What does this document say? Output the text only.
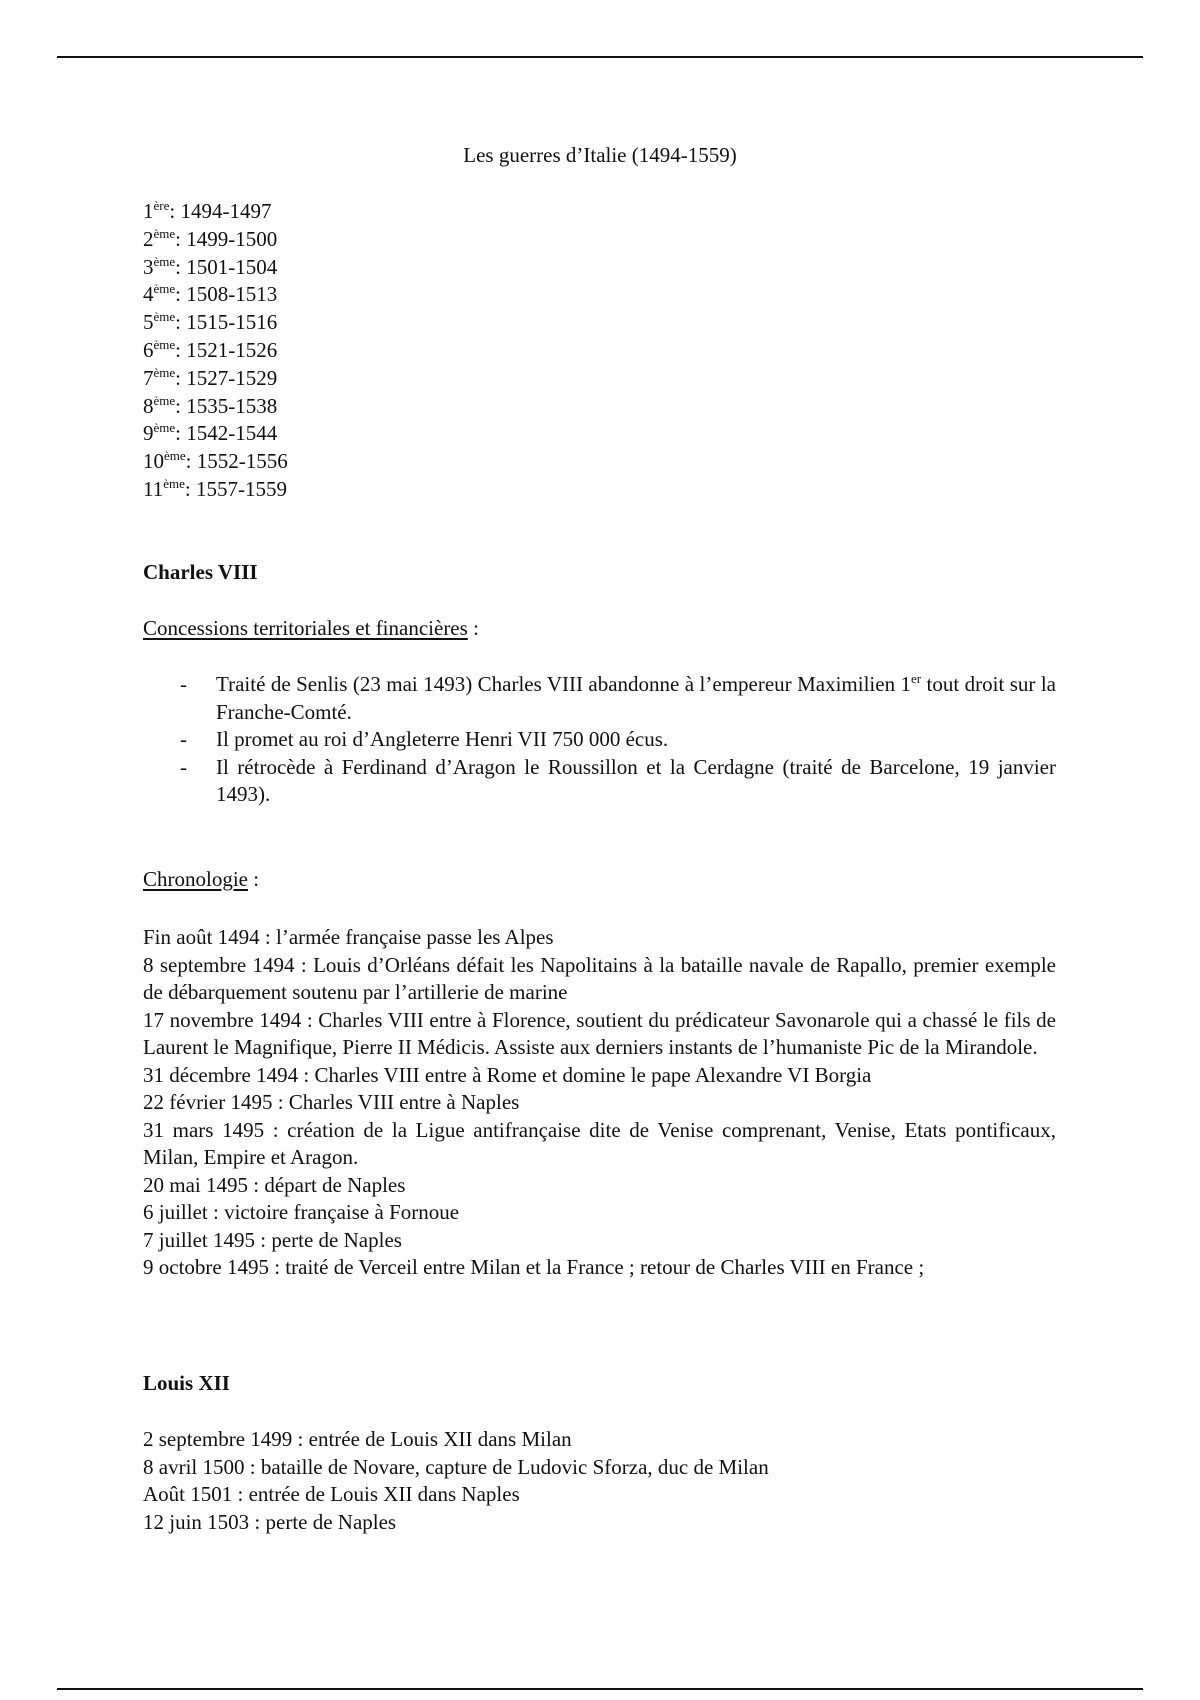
Les guerres d’Italie (1494-1559)
1ère: 1494-1497
2ème: 1499-1500
3ème: 1501-1504
4ème: 1508-1513
5ème: 1515-1516
6ème: 1521-1526
7ème: 1527-1529
8ème: 1535-1538
9ème: 1542-1544
10ème: 1552-1556
11ème: 1557-1559
Charles VIII
Concessions territoriales et financières :
- Traité de Senlis (23 mai 1493) Charles VIII abandonne à l’empereur Maximilien 1er tout droit sur la Franche-Comté.
- Il promet au roi d’Angleterre Henri VII 750 000 écus.
- Il rétrocède à Ferdinand d’Aragon le Roussillon et la Cerdagne (traité de Barcelone, 19 janvier 1493).
Chronologie :

Fin août 1494 : l’armée française passe les Alpes

8 septembre 1494 : Louis d’Orléans défait les Napolitains à la bataille navale de Rapallo, premier exemple de débarquement soutenu par l’artillerie de marine

17 novembre 1494 : Charles VIII entre à Florence, soutient du prédicateur Savonarole qui a chassé le fils de Laurent le Magnifique, Pierre II Médicis. Assiste aux derniers instants de l’humaniste Pic de la Mirandole.

31 décembre 1494 : Charles VIII entre à Rome et domine le pape Alexandre VI Borgia

22 février 1495 : Charles VIII entre à Naples

31 mars 1495 : création de la Ligue antifrançaise dite de Venise comprenant, Venise, Etats pontificaux, Milan, Empire et Aragon.

20 mai 1495 : départ de Naples

6 juillet : victoire française à Fornoue

7 juillet 1495 : perte de Naples

9 octobre 1495 : traité de Verceil entre Milan et la France ; retour de Charles VIII en France ;

Louis XII

2 septembre 1499 : entrée de Louis XII dans Milan

8 avril 1500 : bataille de Novare, capture de Ludovic Sforza, duc de Milan

Août 1501 : entrée de Louis XII dans Naples

12 juin 1503 : perte de Naples
